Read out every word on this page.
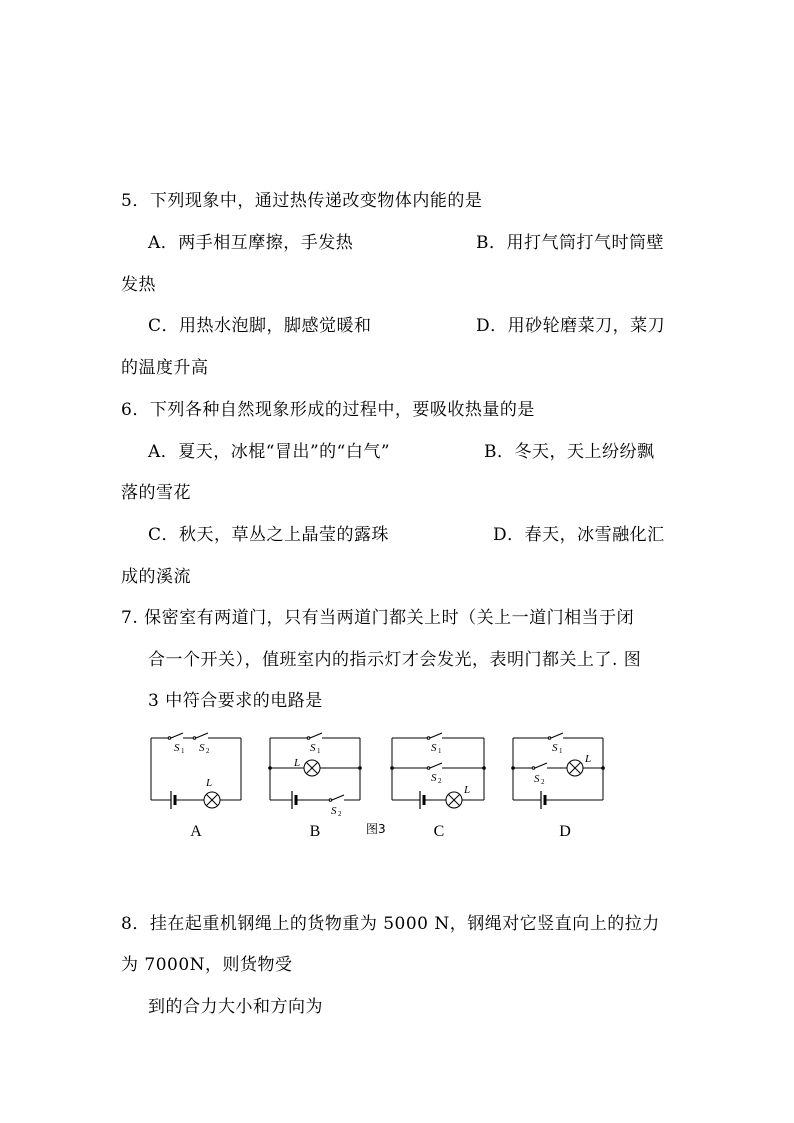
5．下列现象中，通过热传递改变物体内能的是
A．两手相互摩擦，手发热	B．用打气筒打气时筒壁
发热
C．用热水泡脚，脚感觉暖和	D．用砂轮磨菜刀，菜刀
的温度升高
6．下列各种自然现象形成的过程中，要吸收热量的是
A．夏天，冰棍“冒出”的“白气”	B．冬天，天上纷纷飘
落的雪花
C．秋天，草丛之上晶莹的露珠	D．春天，冰雪融化汇
成的溪流
7. 保密室有两道门，只有当两道门都关上时（关上一道门相当于闭
合一个开关），值班室内的指示灯才会发光，表明门都关上了. 图
3 中符合要求的电路是
S 1 S 2
L
S 1
L
S 2
S 1
S 2
L
S 1
S 2
L
A	B	C	D
图3
8．挂在起重机钢绳上的货物重为 5000 N，钢绳对它竖直向上的拉力
为 7000N，则货物受
到的合力大小和方向为
